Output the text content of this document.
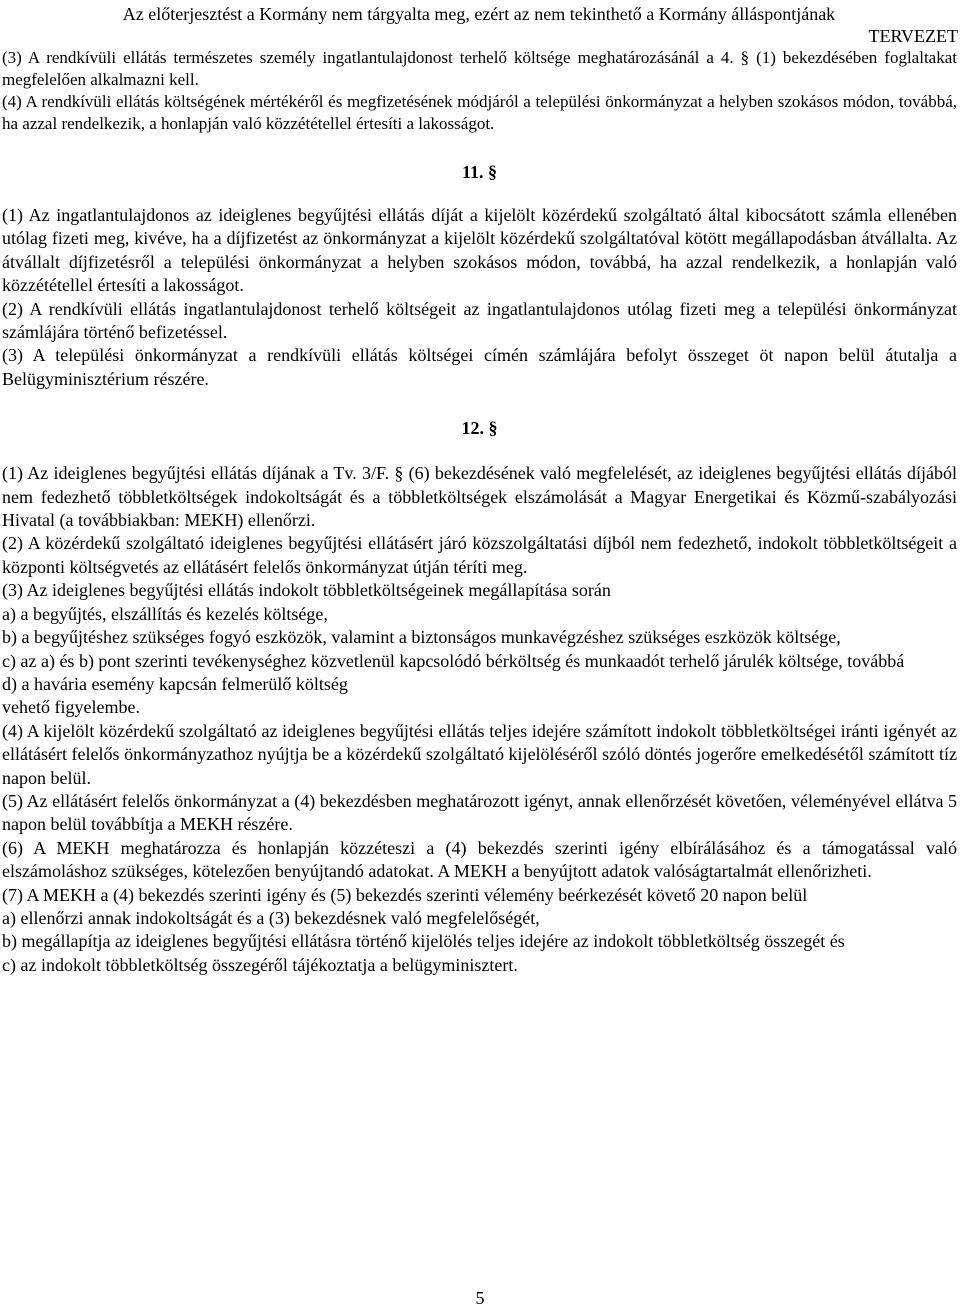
Az előterjesztést a Kormány nem tárgyalta meg, ezért az nem tekinthető a Kormány álláspontjának
TERVEZET

(3) A rendkívüli ellátás természetes személy ingatlantulajdonost terhelő költsége meghatározásánál a 4. § (1) bekezdésében foglaltakat megfelelően alkalmazni kell.

(4) A rendkívüli ellátás költségének mértékéről és megfizetésének módjáról a települési önkormányzat a helyben szokásos módon, továbbá, ha azzal rendelkezik, a honlapján való közzététellel értesíti a lakosságot.

11. §

(1) Az ingatlantulajdonos az ideiglenes begyűjtési ellátás díját a kijelölt közérdekű szolgáltató által kibocsátott számla ellenében utólag fizeti meg, kivéve, ha a díjfizetést az önkormányzat a kijelölt közérdekű szolgáltatóval kötött megállapodásban átvállalta. Az átvállalt díjfizetésről a települési önkormányzat a helyben szokásos módon, továbbá, ha azzal rendelkezik, a honlapján való közzététellel értesíti a lakosságot.

(2) A rendkívüli ellátás ingatlantulajdonost terhelő költségeit az ingatlantulajdonos utólag fizeti meg a települési önkormányzat számlájára történő befizetéssel.

(3) A települési önkormányzat a rendkívüli ellátás költségei címén számlájára befolyt összeget öt napon belül átutalja a Belügyminisztérium részére.

12. §

(1) Az ideiglenes begyűjtési ellátás díjának a Tv. 3/F. § (6) bekezdésének való megfelelését, az ideiglenes begyűjtési ellátás díjából nem fedezhető többletköltségek indokoltságát és a többletköltségek elszámolását a Magyar Energetikai és Közmű-szabályozási Hivatal (a továbbiakban: MEKH) ellenőrzi.

(2) A közérdekű szolgáltató ideiglenes begyűjtési ellátásért járó közszolgáltatási díjból nem fedezhető, indokolt többletköltségeit a központi költségvetés az ellátásért felelős önkormányzat útján téríti meg.

(3) Az ideiglenes begyűjtési ellátás indokolt többletköltségeinek megállapítása során

a) a begyűjtés, elszállítás és kezelés költsége,

b) a begyűjtéshez szükséges fogyó eszközök, valamint a biztonságos munkavégzéshez szükséges eszközök költsége,

c) az a) és b) pont szerinti tevékenységhez közvetlenül kapcsolódó bérköltség és munkaadót terhelő járulék költsége, továbbá

d) a havária esemény kapcsán felmerülő költség

vehető figyelembe.

(4) A kijelölt közérdekű szolgáltató az ideiglenes begyűjtési ellátás teljes idejére számított indokolt többletköltségei iránti igényét az ellátásért felelős önkormányzathoz nyújtja be a közérdekű szolgáltató kijelöléséről szóló döntés jogerőre emelkedésétől számított tíz napon belül.

(5) Az ellátásért felelős önkormányzat a (4) bekezdésben meghatározott igényt, annak ellenőrzését követően, véleményével ellátva 5 napon belül továbbítja a MEKH részére.

(6) A MEKH meghatározza és honlapján közzéteszi a (4) bekezdés szerinti igény elbírálásához és a támogatással való elszámoláshoz szükséges, kötelezően benyújtandó adatokat. A MEKH a benyújtott adatok valóságtartalmát ellenőrizheti.

(7) A MEKH a (4) bekezdés szerinti igény és (5) bekezdés szerinti vélemény beérkezését követő 20 napon belül

a) ellenőrzi annak indokoltságát és a (3) bekezdésnek való megfelelőségét,

b) megállapítja az ideiglenes begyűjtési ellátásra történő kijelölés teljes idejére az indokolt többletköltség összegét és

c) az indokolt többletköltség összegéről tájékoztatja a belügyminisztert.

5
